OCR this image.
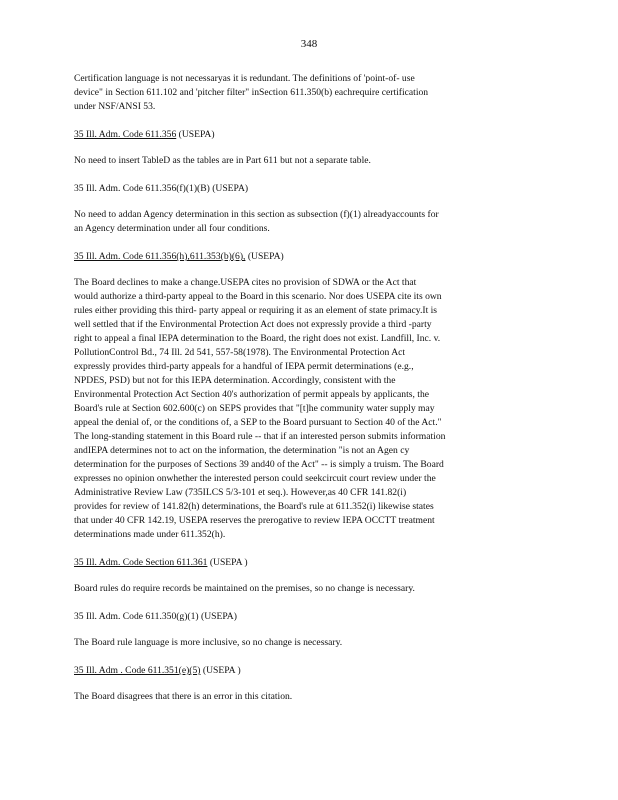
348

Certification language is not necessaryas it is redundant. The definitions of 'point-of- use
device" in Section 611.102 and 'pitcher filter" inSection 611.350(b) eachrequire certification
under NSF/ANSI 53.

35 Ill. Adm. Code 611.356 (USEPA)

No need to insert TableD as the tables are in Part 611 but not a separate table.

35 Ill. Adm. Code 611.356(f)(1)(B) (USEPA)

No need to addan Agency determination in this section as subsection (f)(1) alreadyaccounts for
an Agency determination under all four conditions.

35 Ill. Adm. Code 611.356(h),611.353(b)(6), (USEPA)

The Board declines to make a change.USEPA cites no provision of SDWA or the Act that
would authorize a third-party appeal to the Board in this scenario. Nor does USEPA cite its own
rules either providing this third- party appeal or requiring it as an element of state primacy.It is
well settled that if the Environmental Protection Act does not expressly provide a third -party
right to appeal a final IEPA determination to the Board, the right does not exist. Landfill, Inc. v.
PollutionControl Bd., 74 Ill. 2d 541, 557-58(1978). The Environmental Protection Act
expressly provides third-party appeals for a handful of IEPA permit determinations (e.g.,
NPDES, PSD) but not for this IEPA determination. Accordingly, consistent with the
Environmental Protection Act Section 40's authorization of permit appeals by applicants, the
Board's rule at Section 602.600(c) on SEPS provides that "[t]he community water supply may
appeal the denial of, or the conditions of, a SEP to the Board pursuant to Section 40 of the Act."
The long-standing statement in this Board rule -- that if an interested person submits information
andIEPA determines not to act on the information, the determination "is not an Agen cy
determination for the purposes of Sections 39 and40 of the Act" -- is simply a truism. The Board
expresses no opinion onwhether the interested person could seekcircuit court review under the
Administrative Review Law (735ILCS 5/3-101 et seq.). However,as 40 CFR 141.82(i)
provides for review of 141.82(h) determinations, the Board's rule at 611.352(i) likewise states
that under 40 CFR 142.19, USEPA reserves the prerogative to review IEPA OCCTT treatment
determinations made under 611.352(h).

35 Ill. Adm. Code Section 611.361 (USEPA )

Board rules do require records be maintained on the premises, so no change is necessary.

35 Ill. Adm. Code 611.350(g)(1) (USEPA)

The Board rule language is more inclusive, so no change is necessary.

35 Ill. Adm . Code 611.351(e)(5) (USEPA )

The Board disagrees that there is an error in this citation.
